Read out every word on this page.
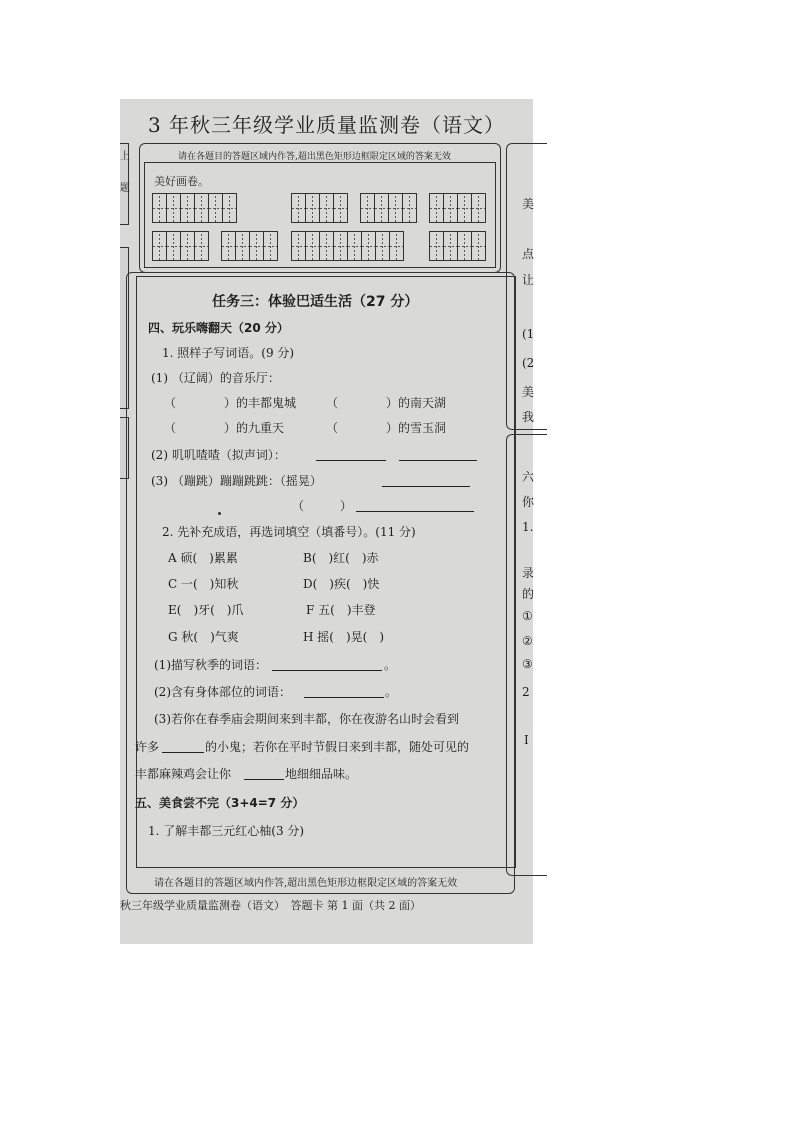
3 年秋三年级学业质量监测卷（语文）
上
题
请在各题目的答题区域内作答,超出黑色矩形边框限定区域的答案无效
美好画卷。
任务三：体验巴适生活（27 分）
四、玩乐嗨翻天（20 分）
1. 照样子写词语。(9 分)
(1) （辽阔）的音乐厅：
（　　　　）的丰都鬼城 （　　　　）的南天湖
（　　　　）的九重天	（　　　　）的雪玉洞
(2) 叽叽喳喳（拟声词）：
(3) （蹦跳）蹦蹦跳跳：（摇晃）
（　　　）
2. 先补充成语，再选词填空（填番号）。(11 分)
A 硕(　)累累	B(　)红(　)赤
C 一(　)知秋	D(　)疾(　)快
E(　)牙(　)爪	F 五(　)丰登
G 秋(　)气爽	H 摇(　)晃(　)
(1)描写秋季的词语：	。
(2)含有身体部位的词语：	。
(3)若你在春季庙会期间来到丰都，你在夜游名山时会看到
许多	的小鬼；若你在平时节假日来到丰都，随处可见的
丰都麻辣鸡会让你	地细细品味。
五、美食尝不完（3+4=7 分）
1. 了解丰都三元红心柚(3 分)
请在各题目的答题区域内作答,超出黑色矩形边框限定区域的答案无效
美
点
让
(1
(2
美
我
六
你
1.
录
的
①
②
③
2
I
秋三年级学业质量监测卷（语文）　答题卡 第 1 面（共 2 面）
